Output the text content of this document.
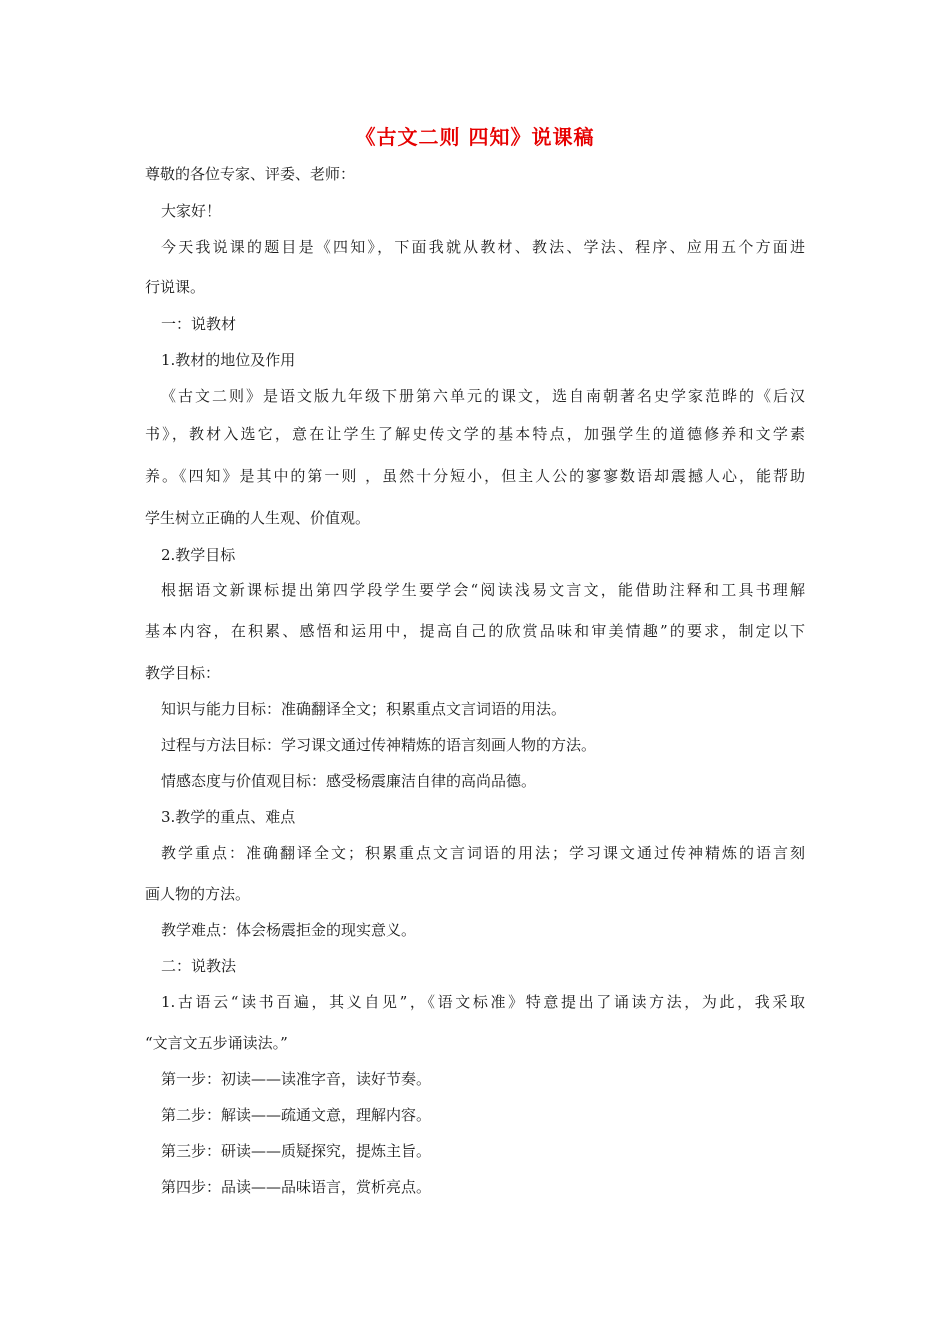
《古文二则 四知》说课稿
尊敬的各位专家、评委、老师：
大家好！
今天我说课的题目是《四知》，下面我就从教材、教法、学法、程序、应用五个方面进
行说课。
一：说教材
1.教材的地位及作用
《古文二则》是语文版九年级下册第六单元的课文，选自南朝著名史学家范晔的《后汉
书》，教材入选它，意在让学生了解史传文学的基本特点，加强学生的道德修养和文学素
养。《四知》是其中的第一则 ，虽然十分短小，但主人公的寥寥数语却震撼人心，能帮助
学生树立正确的人生观、价值观。
2.教学目标
根据语文新课标提出第四学段学生要学会“阅读浅易文言文，能借助注释和工具书理解
基本内容，在积累、感悟和运用中，提高自己的欣赏品味和审美情趣”的要求，制定以下
教学目标：
知识与能力目标：准确翻译全文；积累重点文言词语的用法。
过程与方法目标：学习课文通过传神精炼的语言刻画人物的方法。
情感态度与价值观目标：感受杨震廉洁自律的高尚品德。
3.教学的重点、难点
教学重点：准确翻译全文；积累重点文言词语的用法；学习课文通过传神精炼的语言刻
画人物的方法。
教学难点：体会杨震拒金的现实意义。
二：说教法
1.古语云“读书百遍，其义自见”，《语文标准》特意提出了诵读方法，为此，我采取
“文言文五步诵读法。”
第一步：初读——读准字音，读好节奏。
第二步：解读——疏通文意，理解内容。
第三步：研读——质疑探究，提炼主旨。
第四步：品读——品味语言，赏析亮点。
